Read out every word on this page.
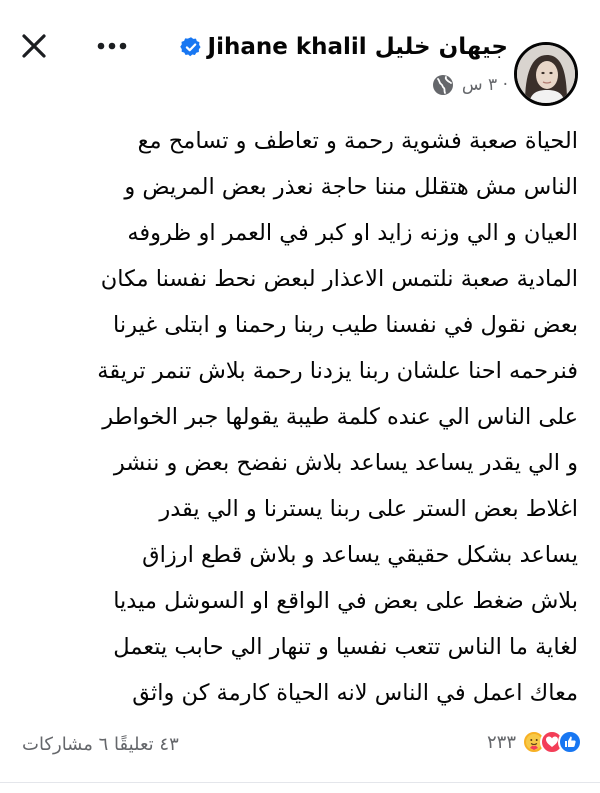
Jihane khalil جيهان خليل
٣ س ·
الحياة صعبة فشوية رحمة و تعاطف و تسامح مع
الناس مش هتقلل مننا حاجة نعذر بعض المريض و
العيان و الي وزنه زايد او كبر في العمر او ظروفه
المادية صعبة نلتمس الاعذار لبعض نحط نفسنا مكان
بعض نقول في نفسنا طيب ربنا رحمنا و ابتلى غيرنا
فنرحمه احنا علشان ربنا يزدنا رحمة بلاش تنمر تريقة
على الناس الي عنده كلمة طيبة يقولها جبر الخواطر
و الي يقدر يساعد يساعد بلاش نفضح بعض و ننشر
اغلاط بعض الستر على ربنا يسترنا و الي يقدر
يساعد بشكل حقيقي يساعد و بلاش قطع ارزاق
بلاش ضغط على بعض في الواقع او السوشل ميديا
لغاية ما الناس تتعب نفسيا و تنهار الي حابب يتعمل
معاك اعمل في الناس لانه الحياة كارمة كن واثق
٤٣ تعليقًا ٦ مشاركات	٢٣٣
